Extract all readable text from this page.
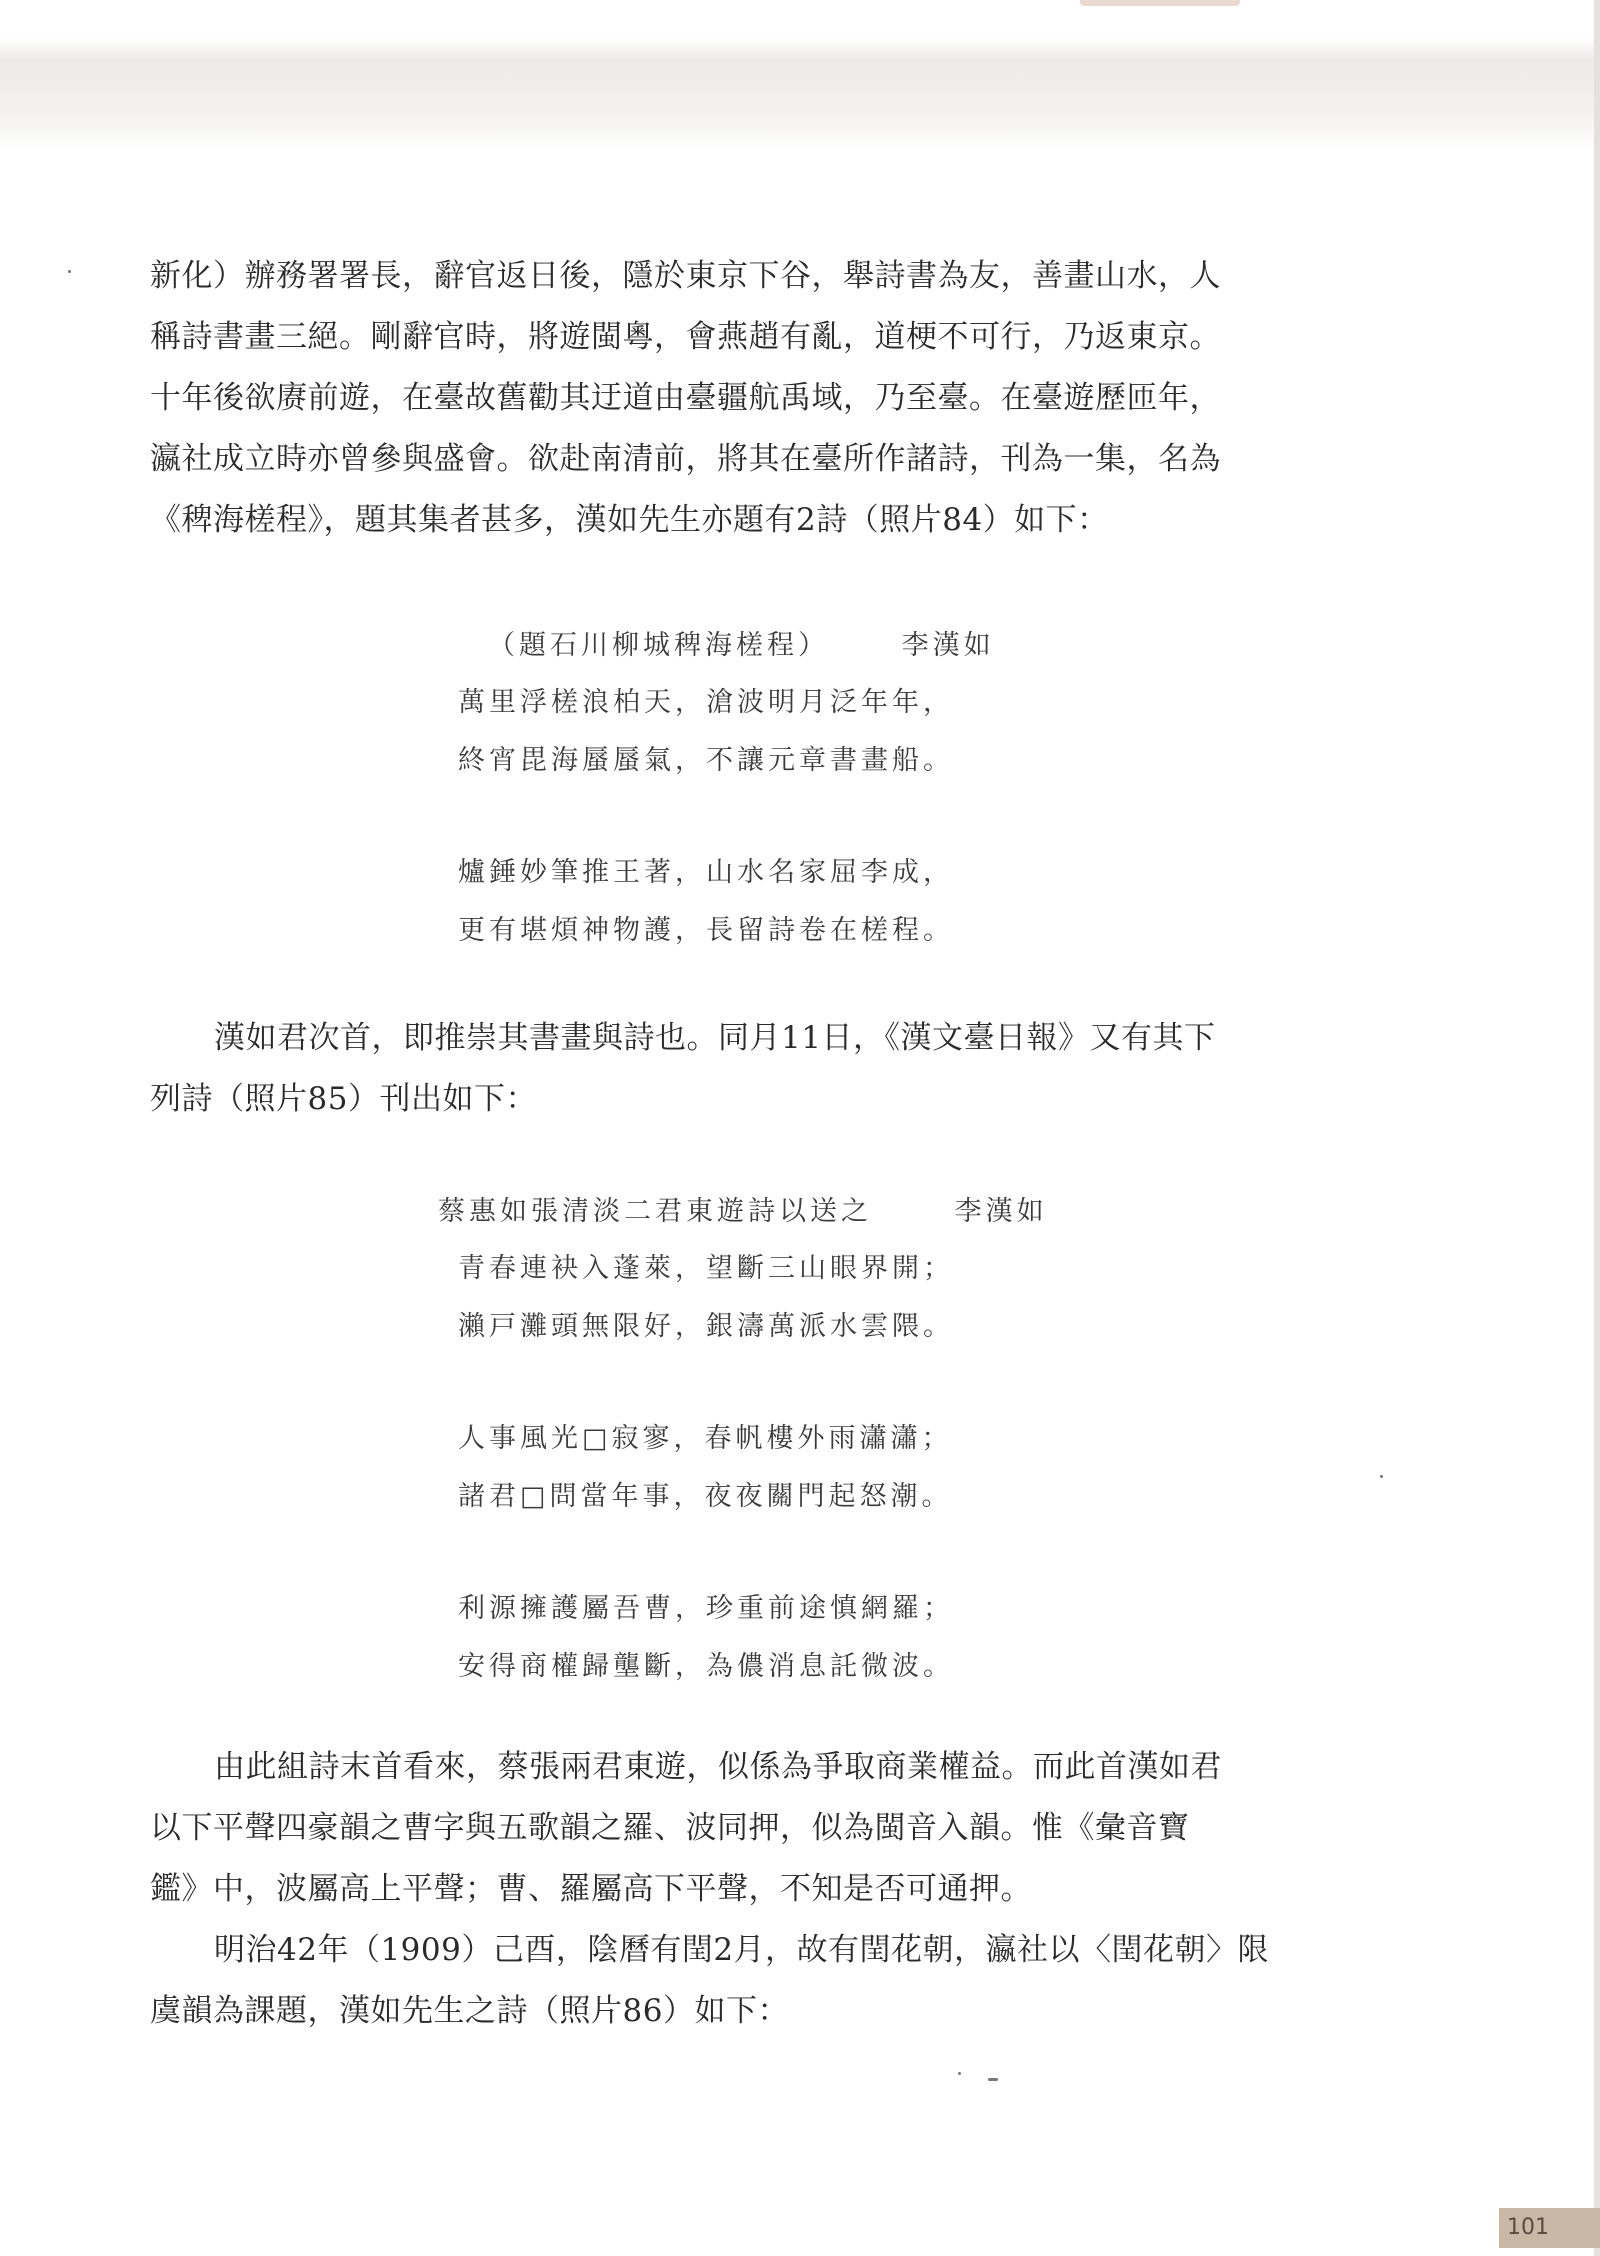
新化）辦務署署長，辭官返日後，隱於東京下谷，舉詩書為友，善畫山水，人
稱詩書畫三絕。剛辭官時，將遊閩粵，會燕趙有亂，道梗不可行，乃返東京。
十年後欲赓前遊，在臺故舊勸其迂道由臺疆航禹域，乃至臺。在臺遊歷匝年，
瀛社成立時亦曾參與盛會。欲赴南清前，將其在臺所作諸詩，刊為一集，名為
《稗海槎程》，題其集者甚多，漢如先生亦題有2詩（照片84）如下：

（題石川柳城稗海槎程）	李漢如
萬里浮槎浪柏天，滄波明月泛年年，
終宵毘海蜃蜃氣，不讓元章書畫船。
爐錘妙筆推王著，山水名家屈李成，
更有堪煩神物護，長留詩卷在槎程。

漢如君次首，即推崇其書畫與詩也。同月11日，《漢文臺日報》又有其下
列詩（照片85）刊出如下：

蔡惠如張清淡二君東遊詩以送之	李漢如
青春連袂入蓬萊，望斷三山眼界開；
瀨戸灘頭無限好，銀濤萬派水雲隈。
人事風光□寂寥，春帆樓外雨瀟瀟；
諸君□問當年事，夜夜關門起怒潮。
利源擁護屬吾曹，珍重前途慎網羅；
安得商權歸壟斷，為儂消息託微波。

由此組詩末首看來，蔡張兩君東遊，似係為爭取商業權益。而此首漢如君
以下平聲四豪韻之曹字與五歌韻之羅、波同押，似為閩音入韻。惟《彙音寶
鑑》中，波屬高上平聲；曹、羅屬高下平聲，不知是否可通押。

明治42年（1909）己酉，陰曆有閏2月，故有閏花朝，瀛社以〈閏花朝〉限
虞韻為課題，漢如先生之詩（照片86）如下：

101
